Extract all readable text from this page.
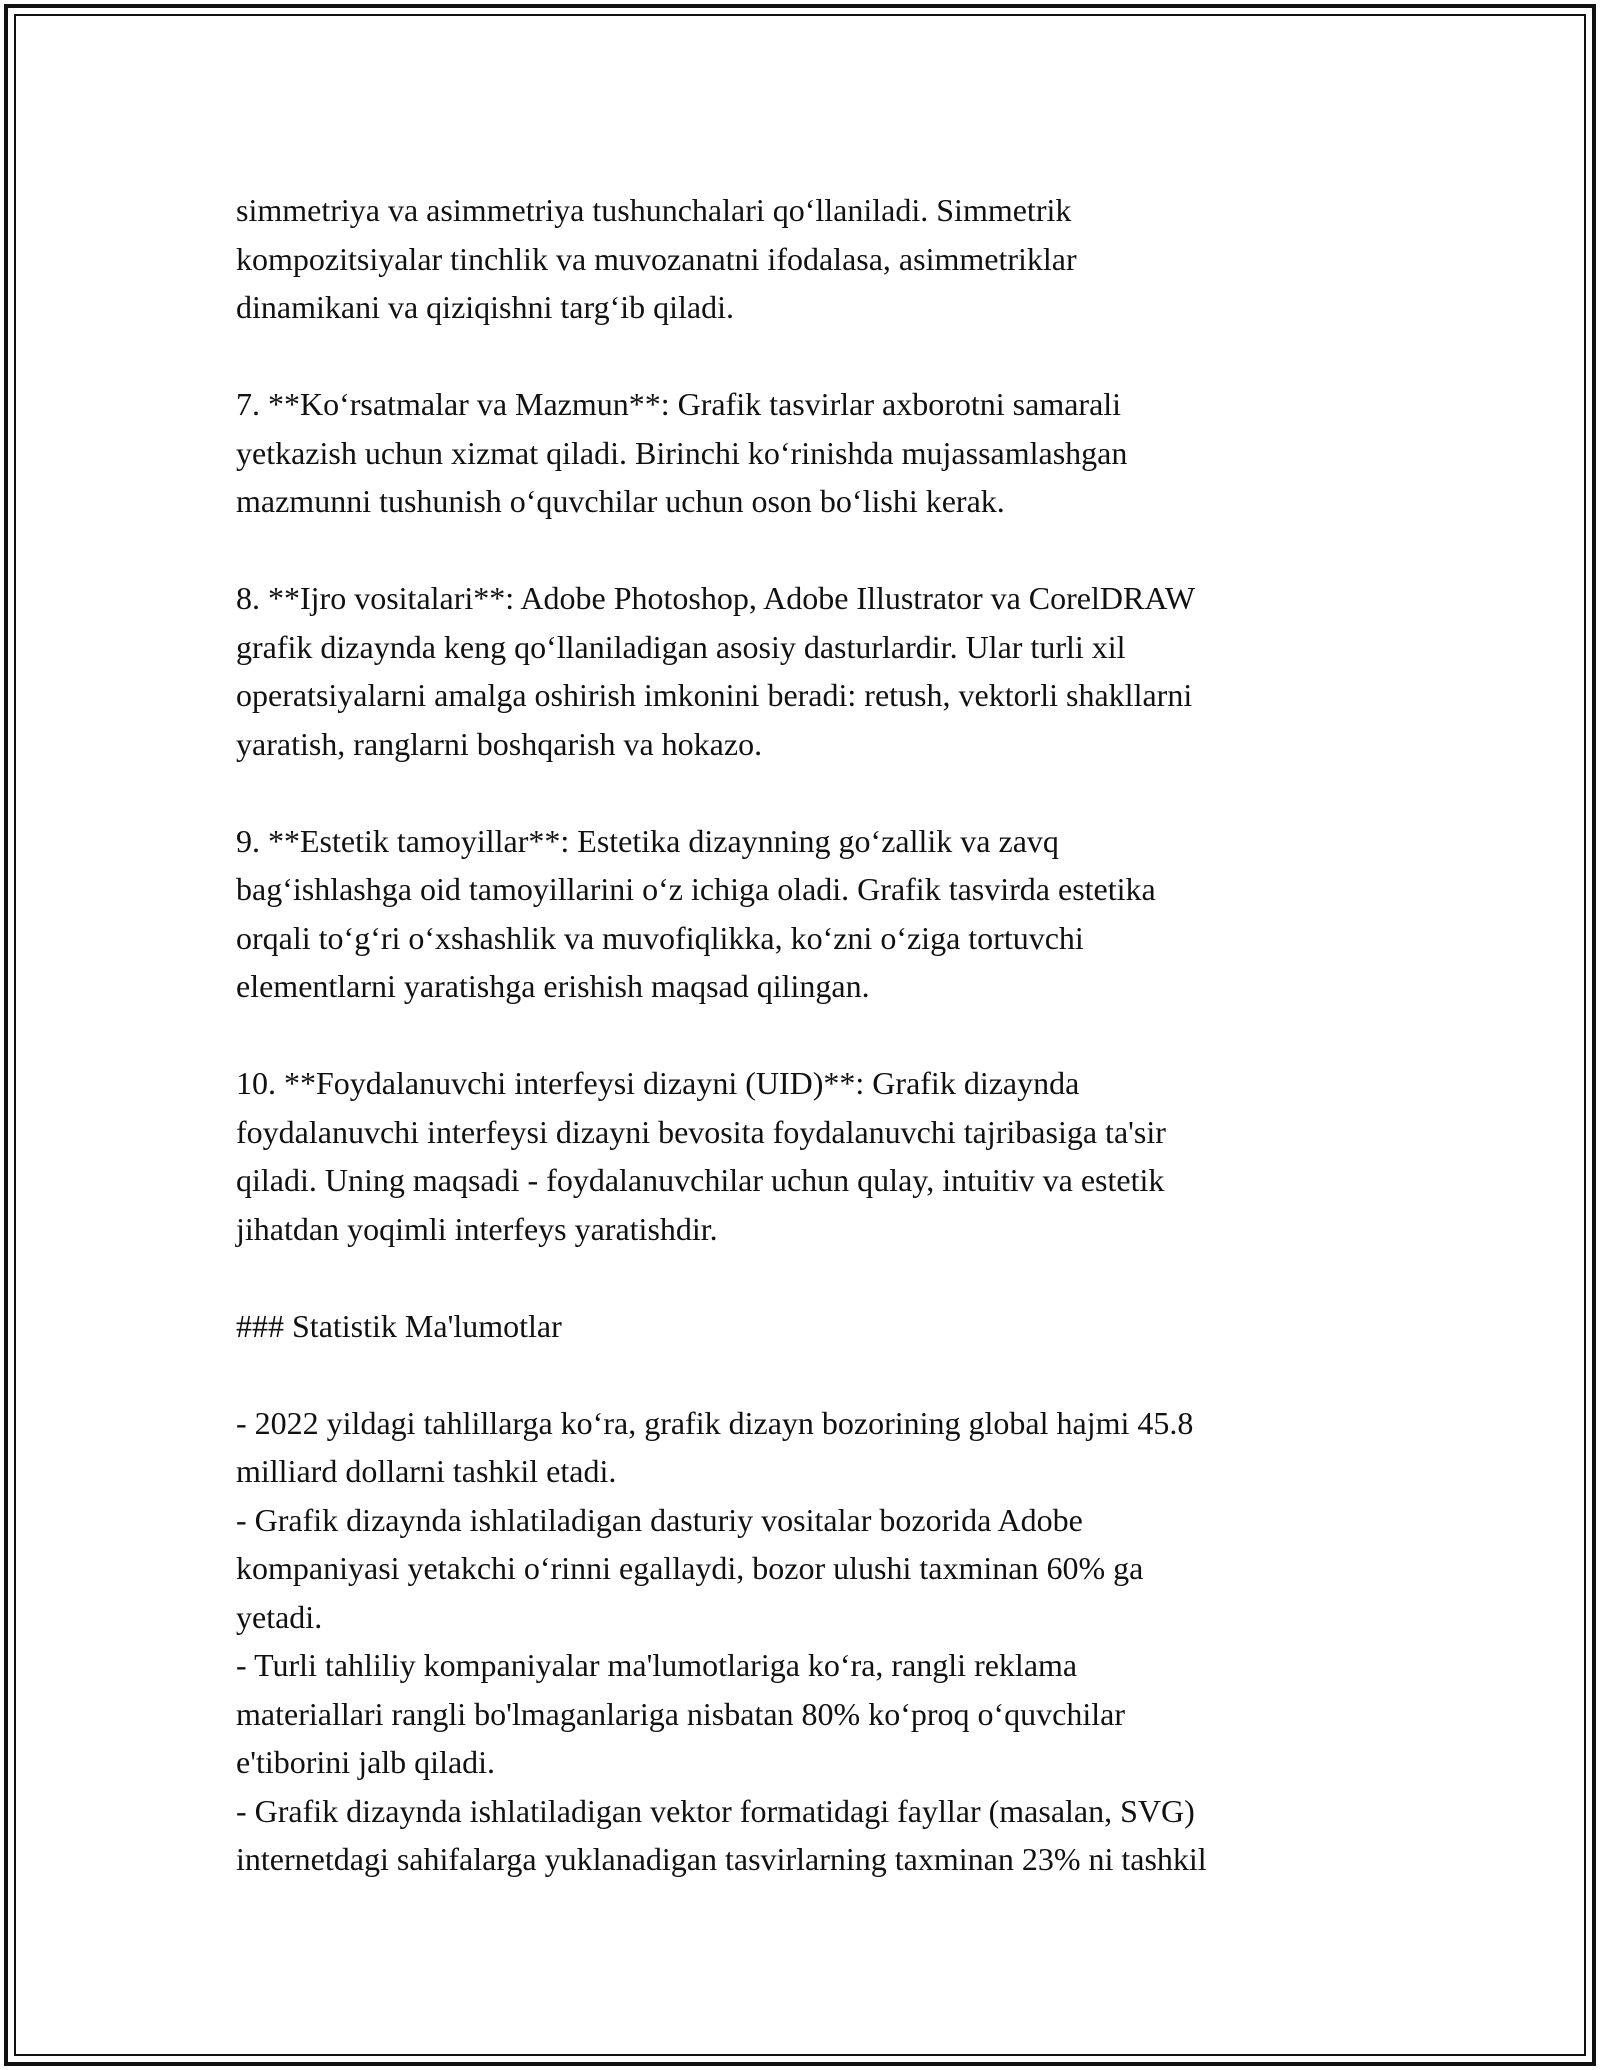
simmetriya va asimmetriya tushunchalari qo‘llaniladi. Simmetrik
kompozitsiyalar tinchlik va muvozanatni ifodalasa, asimmetriklar
dinamikani va qiziqishni targ‘ib qiladi.

7. **Ko‘rsatmalar va Mazmun**: Grafik tasvirlar axborotni samarali
yetkazish uchun xizmat qiladi. Birinchi ko‘rinishda mujassamlashgan
mazmunni tushunish o‘quvchilar uchun oson bo‘lishi kerak.

8. **Ijro vositalari**: Adobe Photoshop, Adobe Illustrator va CorelDRAW
grafik dizaynda keng qo‘llaniladigan asosiy dasturlardir. Ular turli xil
operatsiyalarni amalga oshirish imkonini beradi: retush, vektorli shakllarni
yaratish, ranglarni boshqarish va hokazo.

9. **Estetik tamoyillar**: Estetika dizaynning go‘zallik va zavq
bag‘ishlashga oid tamoyillarini o‘z ichiga oladi. Grafik tasvirda estetika
orqali to‘g‘ri o‘xshashlik va muvofiqlikka, ko‘zni o‘ziga tortuvchi
elementlarni yaratishga erishish maqsad qilingan.

10. **Foydalanuvchi interfeysi dizayni (UID)**: Grafik dizaynda
foydalanuvchi interfeysi dizayni bevosita foydalanuvchi tajribasiga ta'sir
qiladi. Uning maqsadi - foydalanuvchilar uchun qulay, intuitiv va estetik
jihatdan yoqimli interfeys yaratishdir.

### Statistik Ma'lumotlar

- 2022 yildagi tahlillarga ko‘ra, grafik dizayn bozorining global hajmi 45.8
milliard dollarni tashkil etadi.
- Grafik dizaynda ishlatiladigan dasturiy vositalar bozorida Adobe
kompaniyasi yetakchi o‘rinni egallaydi, bozor ulushi taxminan 60% ga
yetadi.
- Turli tahliliy kompaniyalar ma'lumotlariga ko‘ra, rangli reklama
materiallari rangli bo'lmaganlariga nisbatan 80% ko‘proq o‘quvchilar
e'tiborini jalb qiladi.
- Grafik dizaynda ishlatiladigan vektor formatidagi fayllar (masalan, SVG)
internetdagi sahifalarga yuklanadigan tasvirlarning taxminan 23% ni tashkil
